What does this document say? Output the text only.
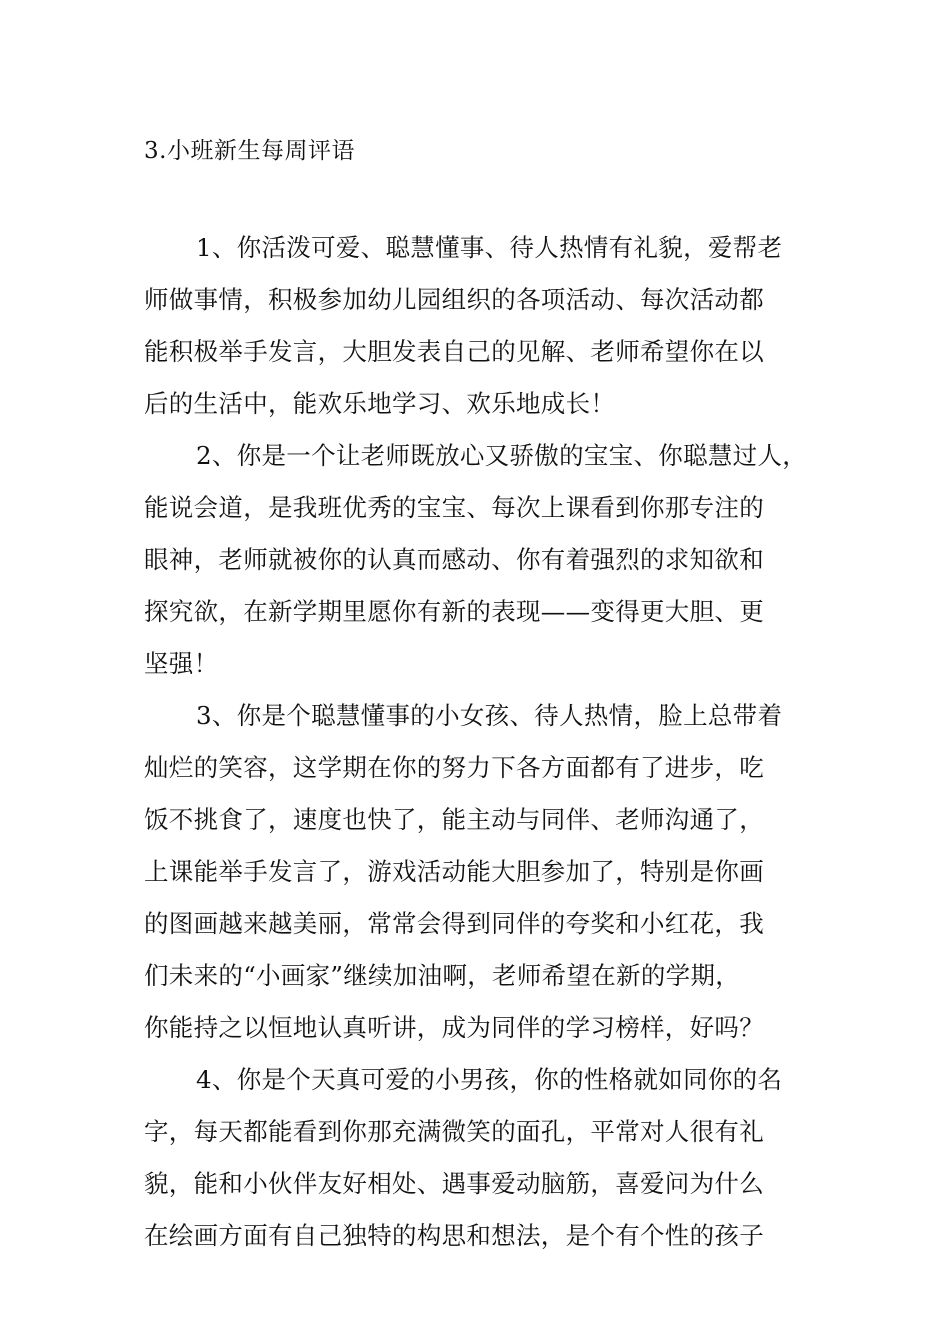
3.小班新生每周评语
1、你活泼可爱、聪慧懂事、待人热情有礼貌，爱帮老
师做事情，积极参加幼儿园组织的各项活动、每次活动都
能积极举手发言，大胆发表自己的见解、老师希望你在以
后的生活中，能欢乐地学习、欢乐地成长！
2、你是一个让老师既放心又骄傲的宝宝、你聪慧过人，
能说会道，是我班优秀的宝宝、每次上课看到你那专注的
眼神，老师就被你的认真而感动、你有着强烈的求知欲和
探究欲，在新学期里愿你有新的表现——变得更大胆、更
坚强！
3、你是个聪慧懂事的小女孩、待人热情，脸上总带着
灿烂的笑容，这学期在你的努力下各方面都有了进步，吃
饭不挑食了，速度也快了，能主动与同伴、老师沟通了，
上课能举手发言了，游戏活动能大胆参加了，特别是你画
的图画越来越美丽，常常会得到同伴的夸奖和小红花，我
们未来的“小画家”继续加油啊，老师希望在新的学期，
你能持之以恒地认真听讲，成为同伴的学习榜样，好吗？
4、你是个天真可爱的小男孩，你的性格就如同你的名
字，每天都能看到你那充满微笑的面孔，平常对人很有礼
貌，能和小伙伴友好相处、遇事爱动脑筋，喜爱问为什么
在绘画方面有自己独特的构思和想法，是个有个性的孩子
